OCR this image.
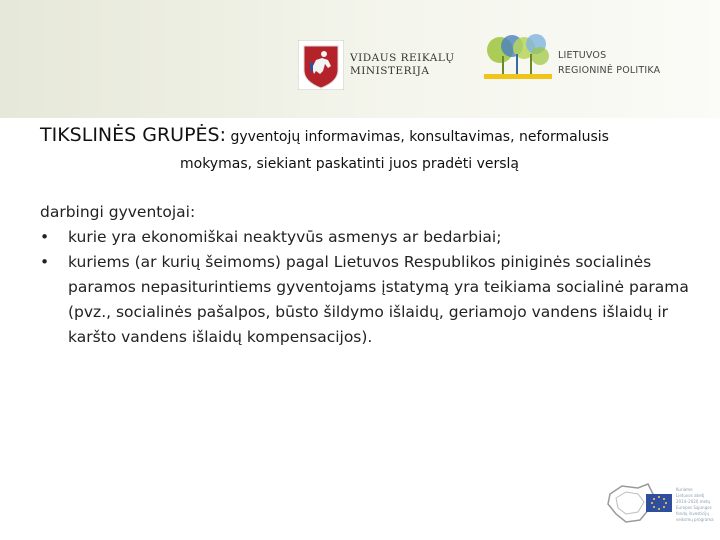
VIDAUS REIKALŲ
MINISTERIJA
LIETUVOS
REGIONINĖ POLITIKA
TIKSLINĖS GRUPĖS: gyventojų informavimas, konsultavimas, neformalusis
mokymas, siekiant paskatinti juos pradėti verslą
darbingi gyventojai:
• kurie yra ekonomiškai neaktyvūs asmenys ar bedarbiai;
• kuriems (ar kurių šeimoms) pagal Lietuvos Respublikos piniginės socialinės paramos nepasiturintiems gyventojams įstatymą yra teikiama socialinė parama (pvz., socialinės pašalpos, būsto šildymo išlaidų, geriamojo vandens išlaidų ir karšto vandens išlaidų kompensacijos).
Kuriame
Lietuvos ateitį
2014–2020 metų
Europos Sąjungos
fondų investicijų
veiksmų programa
